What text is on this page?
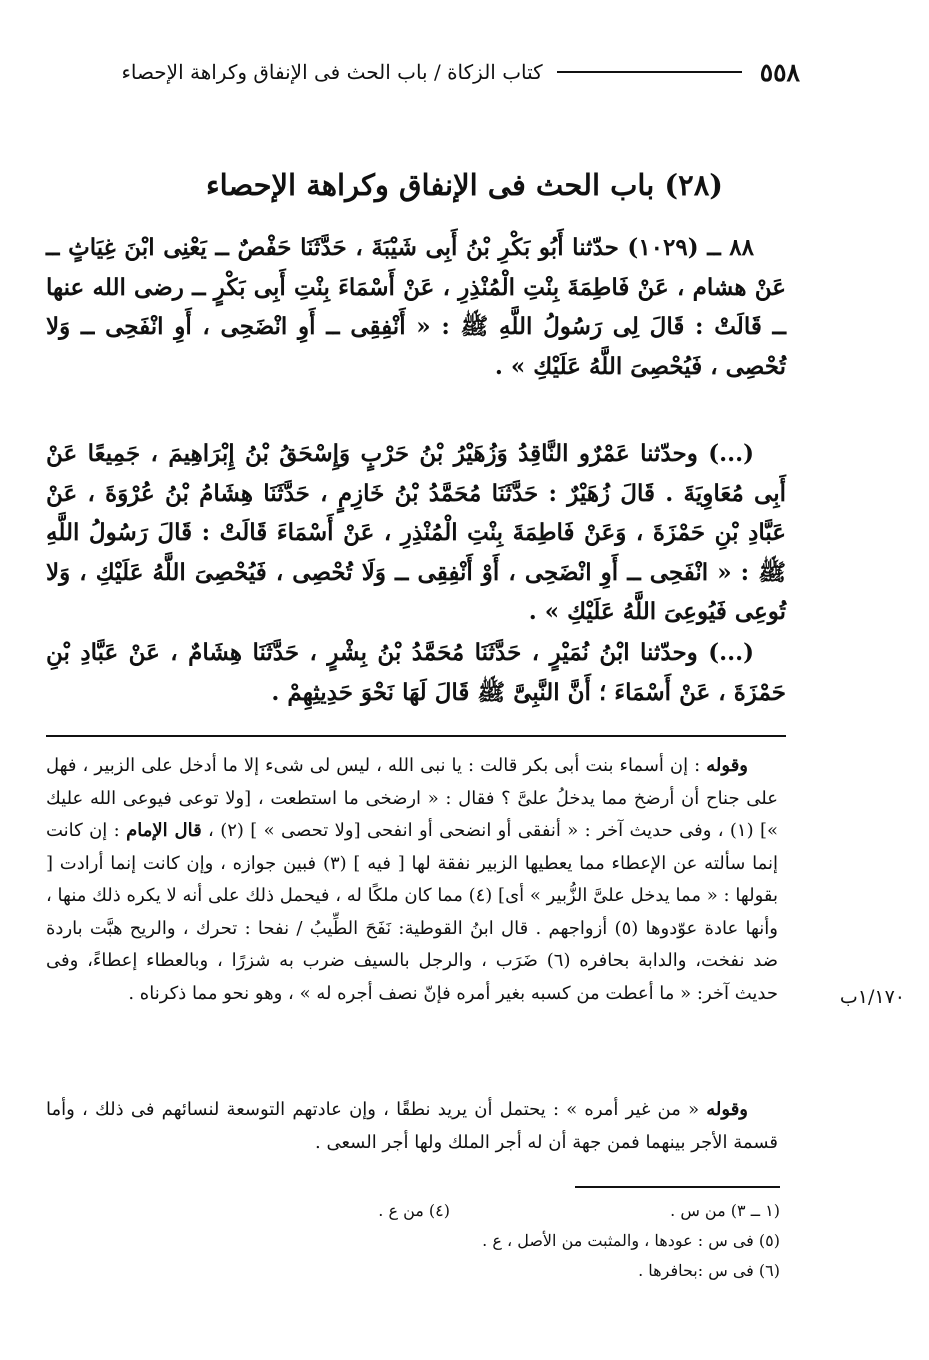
٥٥٨
كتاب الزكاة / باب الحث فى الإنفاق وكراهة الإحصاء
(٢٨) باب الحث فى الإنفاق وكراهة الإحصاء

٨٨ ــ (١٠٢٩) حدّثنا أَبُو بَكْرِ بْنُ أَبِى شَيْبَةَ ، حَدَّثَنَا حَفْصٌ ــ يَعْنِى ابْنَ غِيَاثٍ ــ عَنْ هشام ، عَنْ فَاطِمَةَ بِنْتِ الْمُنْذِرِ ، عَنْ أَسْمَاءَ بِنْتِ أَبِى بَكْرٍ ــ رضى الله عنها ــ قَالَتْ : قَالَ لِى رَسُولُ اللَّهِ ﷺ : « أَنْفِقِى ــ أَوِ انْضَحِى ، أَوِ انْفَحِى ــ وَلا تُحْصِى ، فَيُحْصِىَ اللَّهُ عَلَيْكِ » .

(...) وحدّثنا عَمْرٌو النَّاقِدُ وَزُهَيْرُ بْنُ حَرْبٍ وَإِسْحَقُ بْنُ إِبْرَاهِيمَ ، جَمِيعًا عَنْ أَبِى مُعَاوِيَةَ . قَالَ زُهَيْرٌ : حَدَّثَنَا مُحَمَّدُ بْنُ خَازِمٍ ، حَدَّثَنَا هِشَامُ بْنُ عُرْوَةَ ، عَنْ عَبَّادِ بْنِ حَمْزَةَ ، وَعَنْ فَاطِمَةَ بِنْتِ الْمُنْذِرِ ، عَنْ أَسْمَاءَ قَالَتْ : قَالَ رَسُولُ اللَّهِ ﷺ : « انْفَحِى ــ أَوِ انْضَحِى ، أَوْ أَنْفِقِى ــ وَلَا تُحْصِى ، فَيُحْصِىَ اللَّهُ عَلَيْكِ ، وَلا تُوعِى فَيُوعِىَ اللَّهُ عَلَيْكِ » .

(...) وحدّثنا ابْنُ نُمَيْرٍ ، حَدَّثَنَا مُحَمَّدُ بْنُ بِشْرٍ ، حَدَّثَنَا هِشَامٌ ، عَنْ عَبَّادِ بْنِ حَمْزَةَ ، عَنْ أَسْمَاءَ ؛ أَنَّ النَّبِىَّ ﷺ قَالَ لَهَا نَحْوَ حَدِيثِهِمْ .

وقوله : إن أسماء بنت أبى بكر قالت : يا نبى الله ، ليس لى شىء إلا ما أدخل على الزبير ، فهل على جناح أن أرضخ مما يدخلُ علىَّ ؟ فقال : « ارضخى ما استطعت ، [ولا توعى فيوعى الله عليك »] (١) ، وفى حديث آخر : « أنفقى أو انضحى أو انفحى [ولا تحصى » ] (٢) ، قال الإمام : إن كانت إنما سألته عن الإعطاء مما يعطيها الزبير نفقة لها [ فيه ] (٣) فبين جوازه ، وإن كانت إنما أرادت [ بقولها : « مما يدخل علىَّ الزُّبير » أى] (٤) مما كان ملكًا له ، فيحمل ذلك على أنه لا يكره ذلك منها ، وأنها عادة عوّدوها (٥) أزواجهم . قال ابنُ القوطية: نَفَحَ الطِّيبُ / نفحا : تحرك ، والريح هبَّت باردة ضد نفخت، والدابة بحافره (٦) ضَرَب ، والرجل بالسيف ضرب به شزرًا ، وبالعطاء إعطاءً، وفى حديث آخر: « ما أعطت من كسبه بغير أمره فإنّ نصف أجره له » ، وهو نحو مما ذكرناه .	١/١٧٠ب

وقوله « من غير أمره » : يحتمل أن يريد نطقًا ، وإن عادتهم التوسعة لنسائهم فى ذلك ، وأما قسمة الأجر بينهما فمن جهة أن له أجر الملك ولها أجر السعى .

(١ ــ ٣) من س .
(٤) من ع .
(٥) فى س : عودها ، والمثبت من الأصل ، ع .
(٦) فى س :بحافرها .
